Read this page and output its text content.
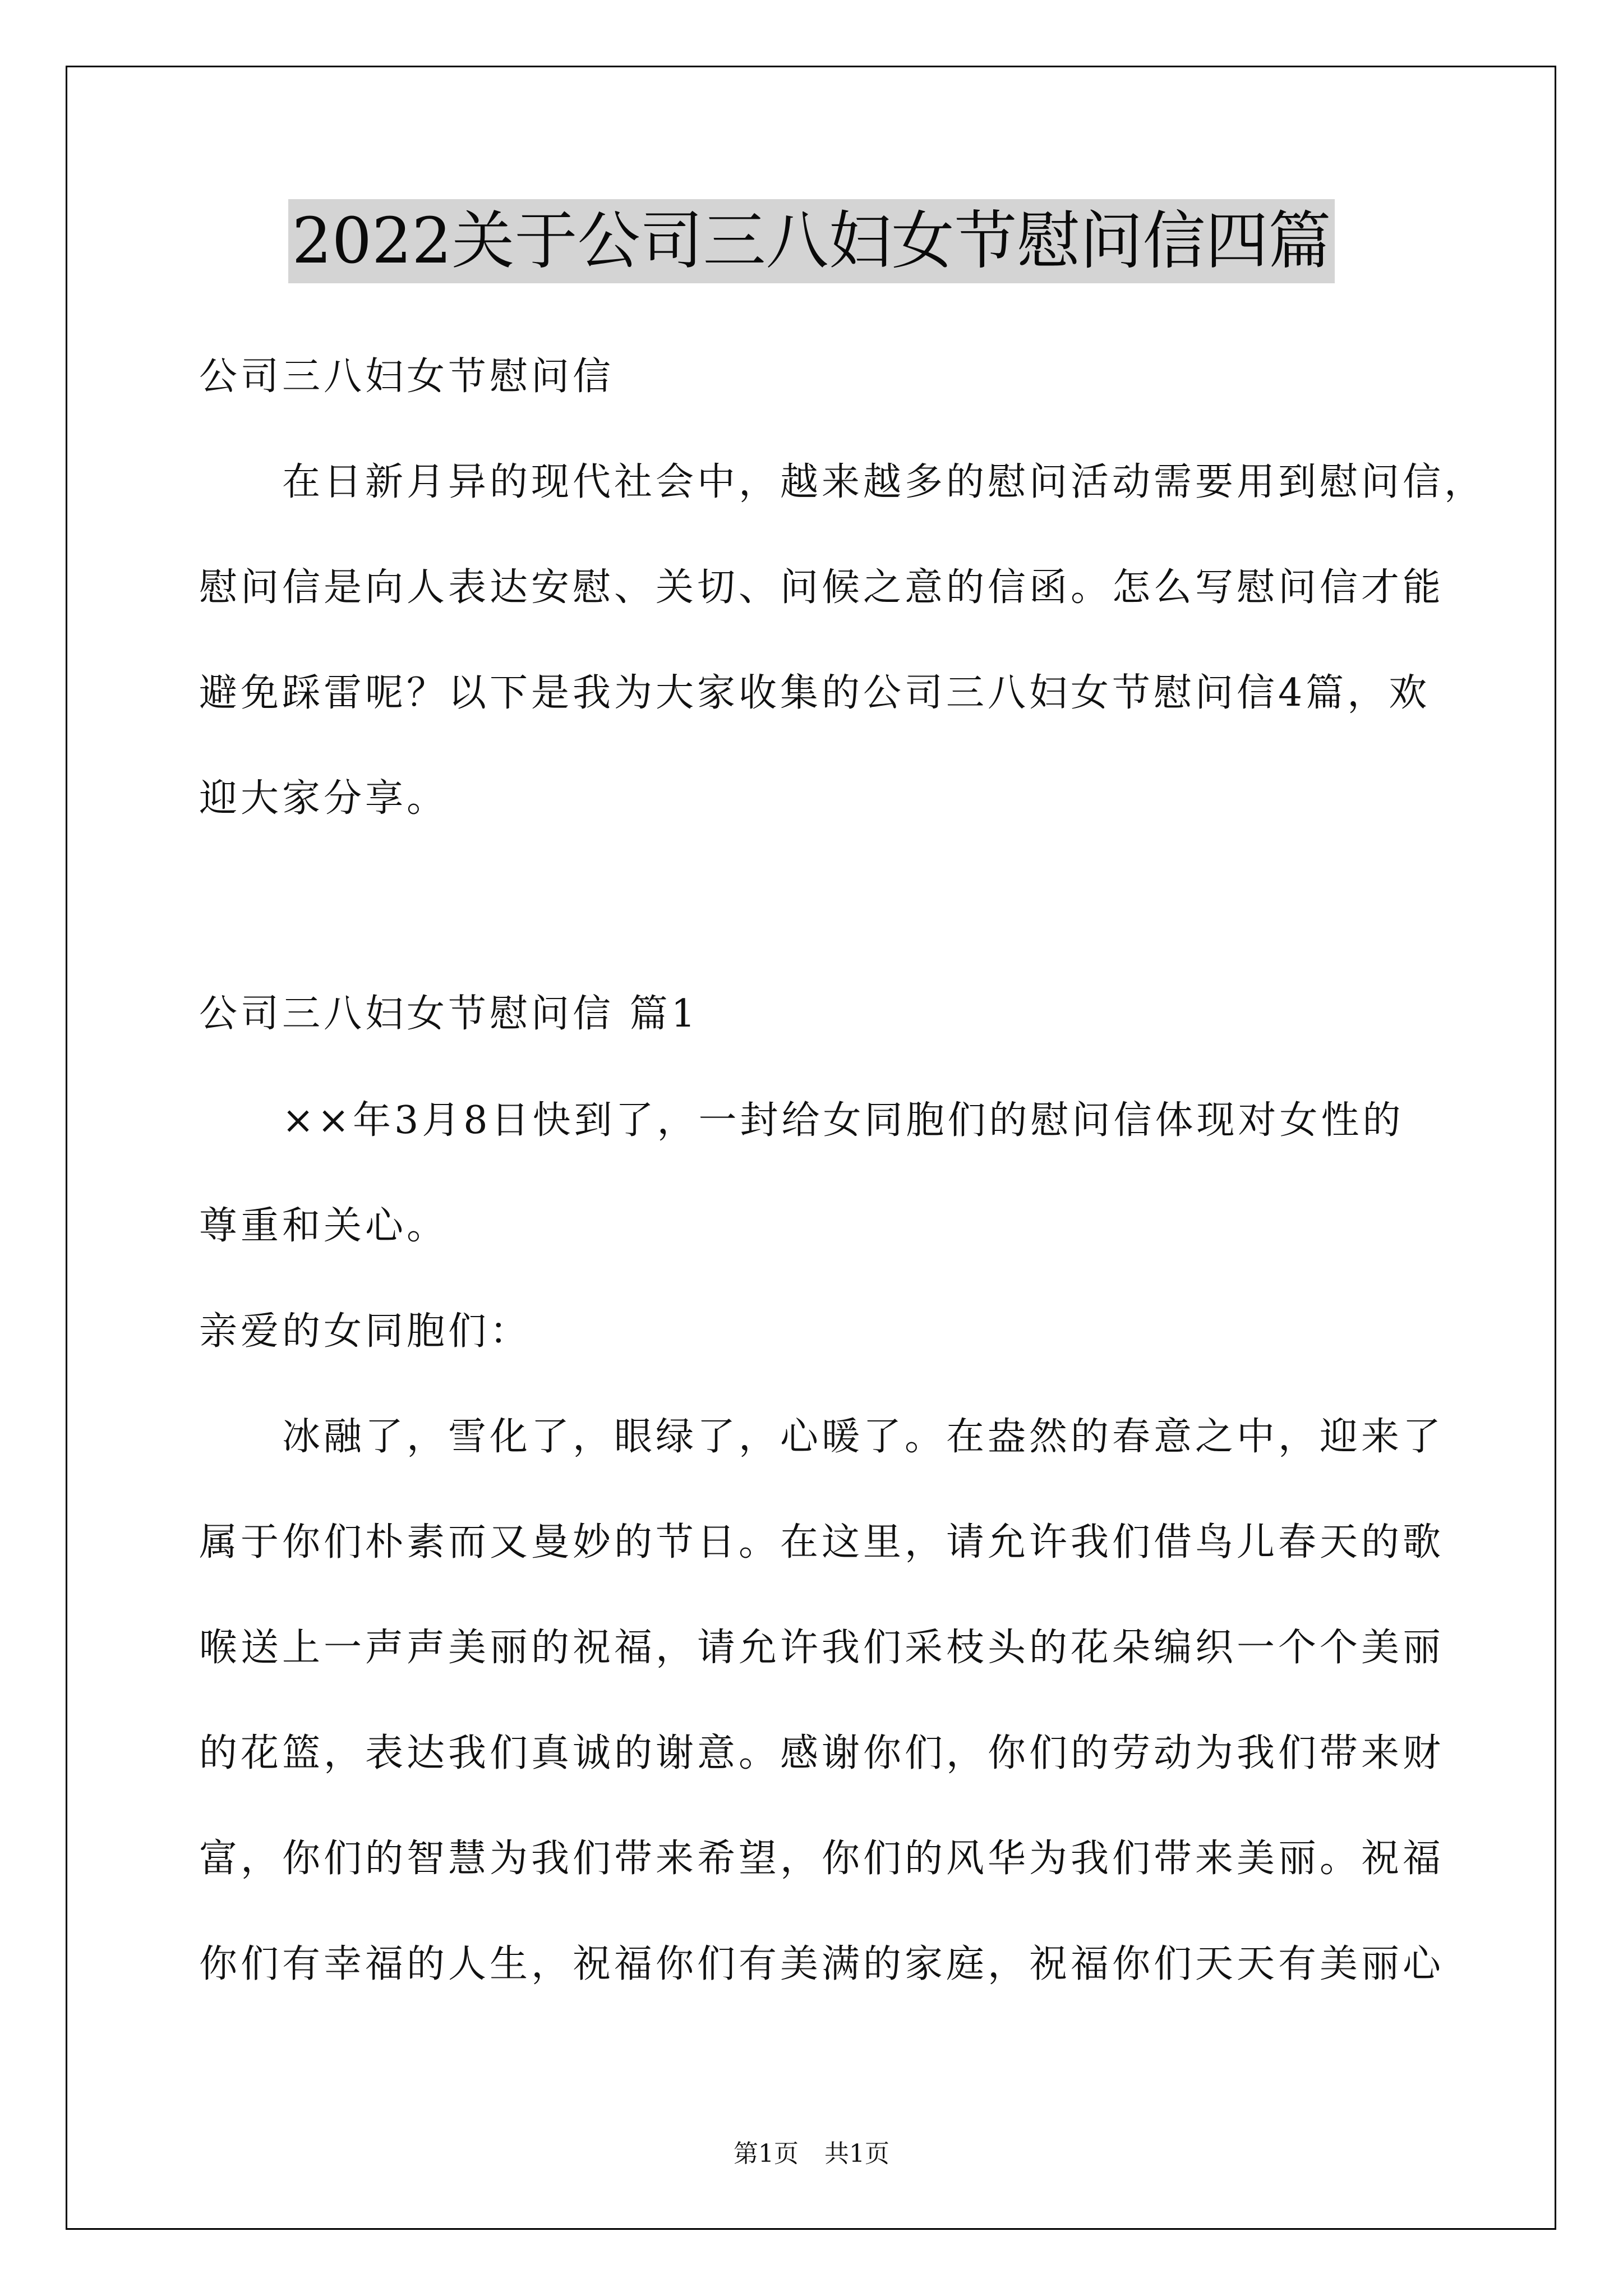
2022关于公司三八妇女节慰问信四篇

公司三八妇女节慰问信

在日新月异的现代社会中，越来越多的慰问活动需要用到慰问信，

慰问信是向人表达安慰、关切、问候之意的信函。怎么写慰问信才能

避免踩雷呢？以下是我为大家收集的公司三八妇女节慰问信4篇，欢

迎大家分享。

公司三八妇女节慰问信 篇1

××年3月8日快到了，一封给女同胞们的慰问信体现对女性的

尊重和关心。

亲爱的女同胞们：

冰融了，雪化了，眼绿了，心暖了。在盎然的春意之中，迎来了

属于你们朴素而又曼妙的节日。在这里，请允许我们借鸟儿春天的歌

喉送上一声声美丽的祝福，请允许我们采枝头的花朵编织一个个美丽

的花篮，表达我们真诚的谢意。感谢你们，你们的劳动为我们带来财

富，你们的智慧为我们带来希望，你们的风华为我们带来美丽。祝福

你们有幸福的人生，祝福你们有美满的家庭，祝福你们天天有美丽心

第1页 共1页
